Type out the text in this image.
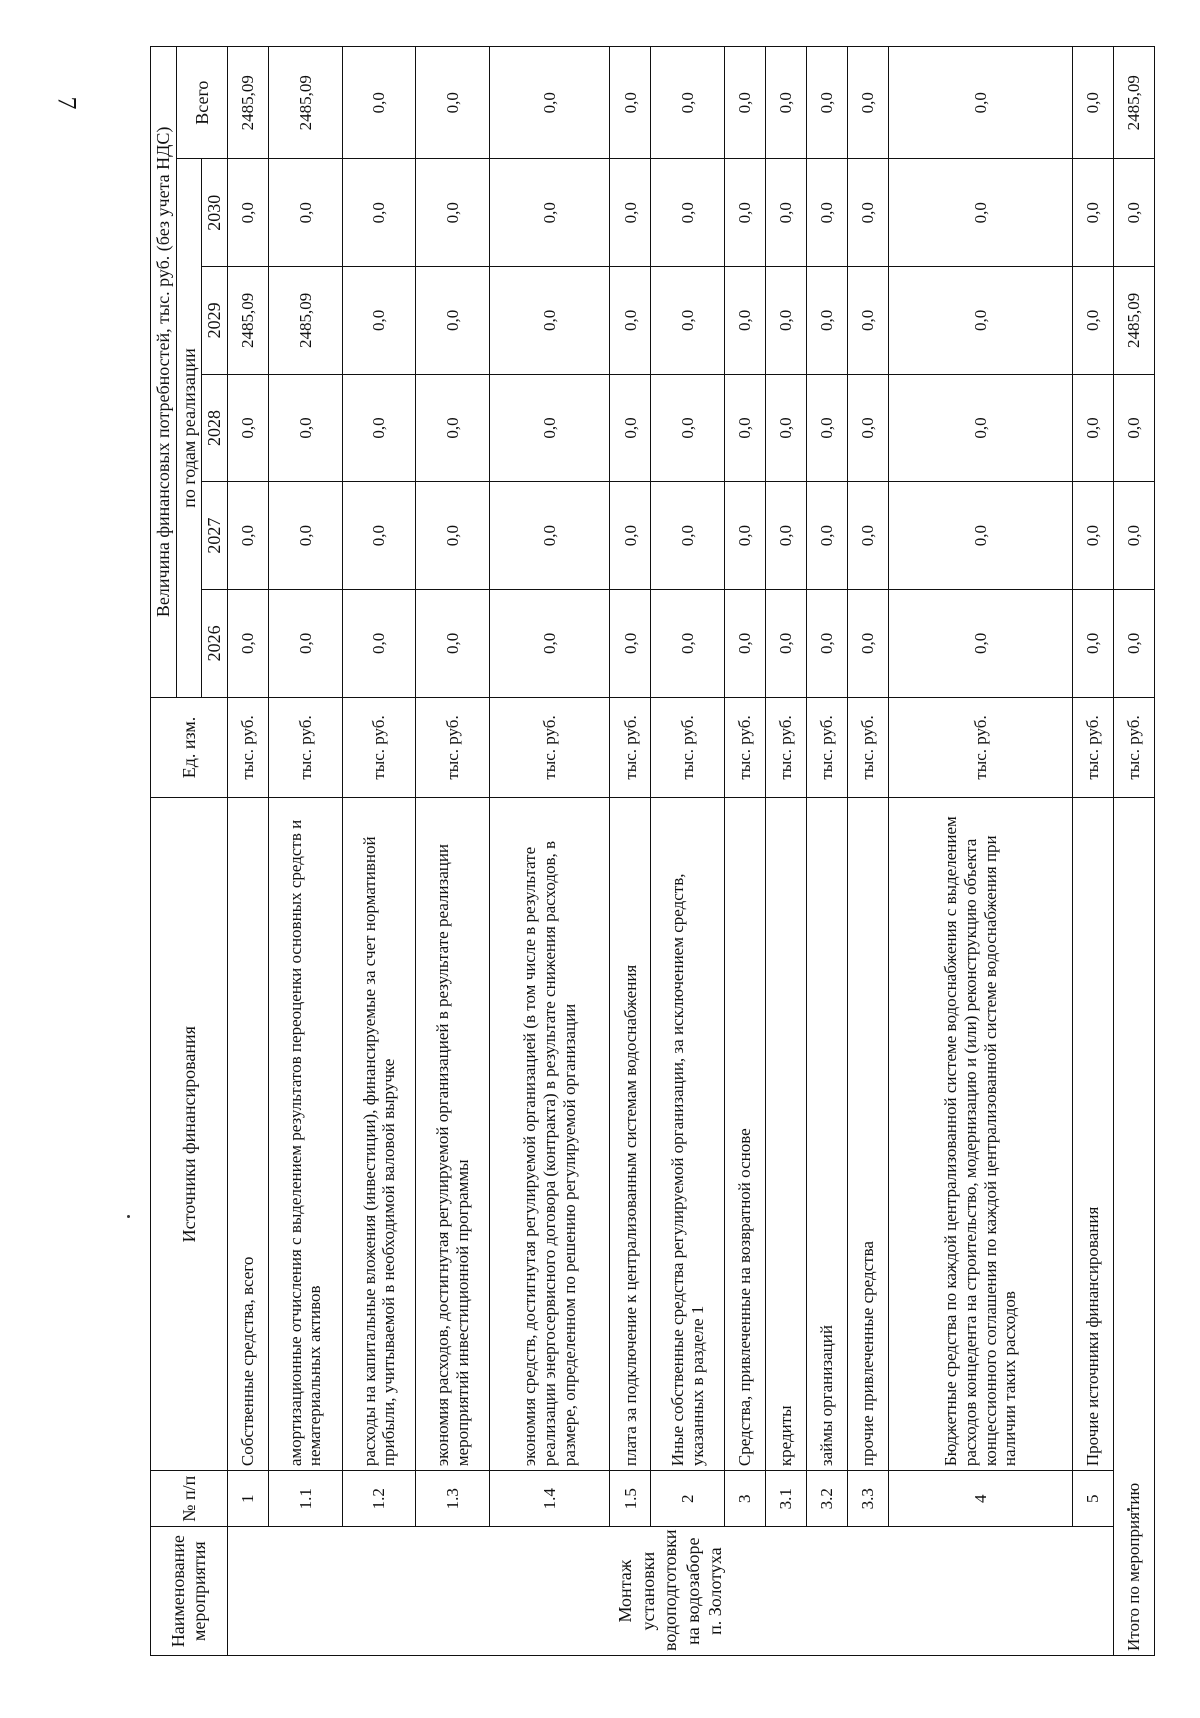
7
Наименование мероприятия	№ п/п	Источники финансирования	Ед. изм.	Величина финансовых потребностей, тыс. руб. (без учета НДС)					
				по годам реализации					Всего
				2026	2027	2028	2029	2030	
Монтаж установки водоподготовки на водозаборе п. Золотуха	1	Собственные средства, всего	тыс. руб.	0,0	0,0	0,0	2485,09	0,0	2485,09
	1.1	амортизационные отчисления с выделением результатов переоценки основных средств и нематериальных активов	тыс. руб.	0,0	0,0	0,0	2485,09	0,0	2485,09
	1.2	расходы на капитальные вложения (инвестиции), финансируемые за счет нормативной прибыли, учитываемой в необходимой валовой выручке	тыс. руб.	0,0	0,0	0,0	0,0	0,0	0,0
	1.3	экономия расходов, достигнутая регулируемой организацией в результате реализации мероприятий инвестиционной программы	тыс. руб.	0,0	0,0	0,0	0,0	0,0	0,0
	1.4	экономия средств, достигнутая регулируемой организацией (в том числе в результате реализации энергосервисного договора (контракта) в результате снижения расходов, в размере, определенном по решению регулируемой организации	тыс. руб.	0,0	0,0	0,0	0,0	0,0	0,0
	1.5	плата за подключение к централизованным системам водоснабжения	тыс. руб.	0,0	0,0	0,0	0,0	0,0	0,0
	2	Иные собственные средства регулируемой организации, за исключением средств, указанных в разделе 1	тыс. руб.	0,0	0,0	0,0	0,0	0,0	0,0
	3	Средства, привлеченные на возвратной основе	тыс. руб.	0,0	0,0	0,0	0,0	0,0	0,0
	3.1	кредиты	тыс. руб.	0,0	0,0	0,0	0,0	0,0	0,0
	3.2	займы организаций	тыс. руб.	0,0	0,0	0,0	0,0	0,0	0,0
	3.3	прочие привлеченные средства	тыс. руб.	0,0	0,0	0,0	0,0	0,0	0,0
	4	Бюджетные средства по каждой централизованной системе водоснабжения с выделением расходов концедента на строительство, модернизацию и (или) реконструкцию объекта концессионного соглашения по каждой централизованной системе водоснабжения при наличии таких расходов	тыс. руб.	0,0	0,0	0,0	0,0	0,0	0,0
	5	Прочие источники финансирования	тыс. руб.	0,0	0,0	0,0	0,0	0,0	0,0
Итого по мероприятию			тыс. руб.	0,0	0,0	0,0	2485,09	0,0	2485,09
